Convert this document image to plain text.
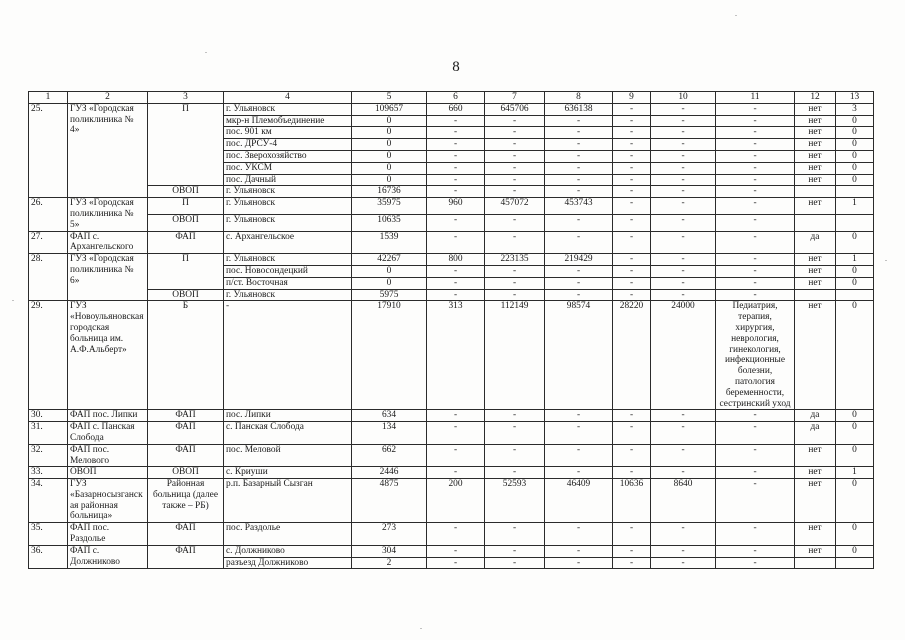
8
1	2	3	4	5	6	7	8	9	10	11	12	13
25.	ГУЗ «Городская поликлиника № 4»	П	г. Ульяновск	109657	660	645706	636138	-	-	-	нет	3
			мкр-н Племобъединение	0	-	-	-	-	-	-	нет	0
			пос. 901 км	0	-	-	-	-	-	-	нет	0
			пос. ДРСУ-4	0	-	-	-	-	-	-	нет	0
			пос. Зверохозяйство	0	-	-	-	-	-	-	нет	0
			пос. УКСМ	0	-	-	-	-	-	-	нет	0
			пос. Дачный	0	-	-	-	-	-	-	нет	0
		ОВОП	г. Ульяновск	16736	-	-	-	-	-	-		
26.	ГУЗ «Городская поликлиника № 5»	П	г. Ульяновск	35975	960	457072	453743	-	-	-	нет	1
		ОВОП	г. Ульяновск	10635	-	-	-	-	-	-		
27.	ФАП с. Архангельского	ФАП	с. Архангельское	1539	-	-	-	-	-	-	да	0
28.	ГУЗ «Городская поликлиника № 6»	П	г. Ульяновск	42267	800	223135	219429	-	-	-	нет	1
			пос. Новосондецкий	0	-	-	-	-	-	-	нет	0
			п/ст. Восточная	0	-	-	-	-	-	-	нет	0
		ОВОП	г. Ульяновск	5975	-	-	-	-	-	-		
29.	ГУЗ «Новоульяновская городская больница им. А.Ф.Альберт»	Б	-	17910	313	112149	98574	28220	24000	Педиатрия, терапия, хирургия, неврология, гинекология, инфекционные болезни, патология беременности, сестринский уход	нет	0
30.	ФАП пос. Липки	ФАП	пос. Липки	634	-	-	-	-	-	-	да	0
31.	ФАП с. Панская Слобода	ФАП	с. Панская Слобода	134	-	-	-	-	-	-	да	0
32.	ФАП пос. Мелового	ФАП	пос. Меловой	662	-	-	-	-	-	-	нет	0
33.	ОВОП	ОВОП	с. Криуши	2446	-	-	-	-	-	-	нет	1
34.	ГУЗ «Базарносызганская районная больница»	Районная больница (далее также – РБ)	р.п. Базарный Сызган	4875	200	52593	46409	10636	8640	-	нет	0
35.	ФАП пос. Раздолье	ФАП	пос. Раздолье	273	-	-	-	-	-	-	нет	0
36.	ФАП с. Должниково	ФАП	с. Должниково	304	-	-	-	-	-	-	нет	0
			разъезд Должниково	2	-	-	-	-	-	-		
